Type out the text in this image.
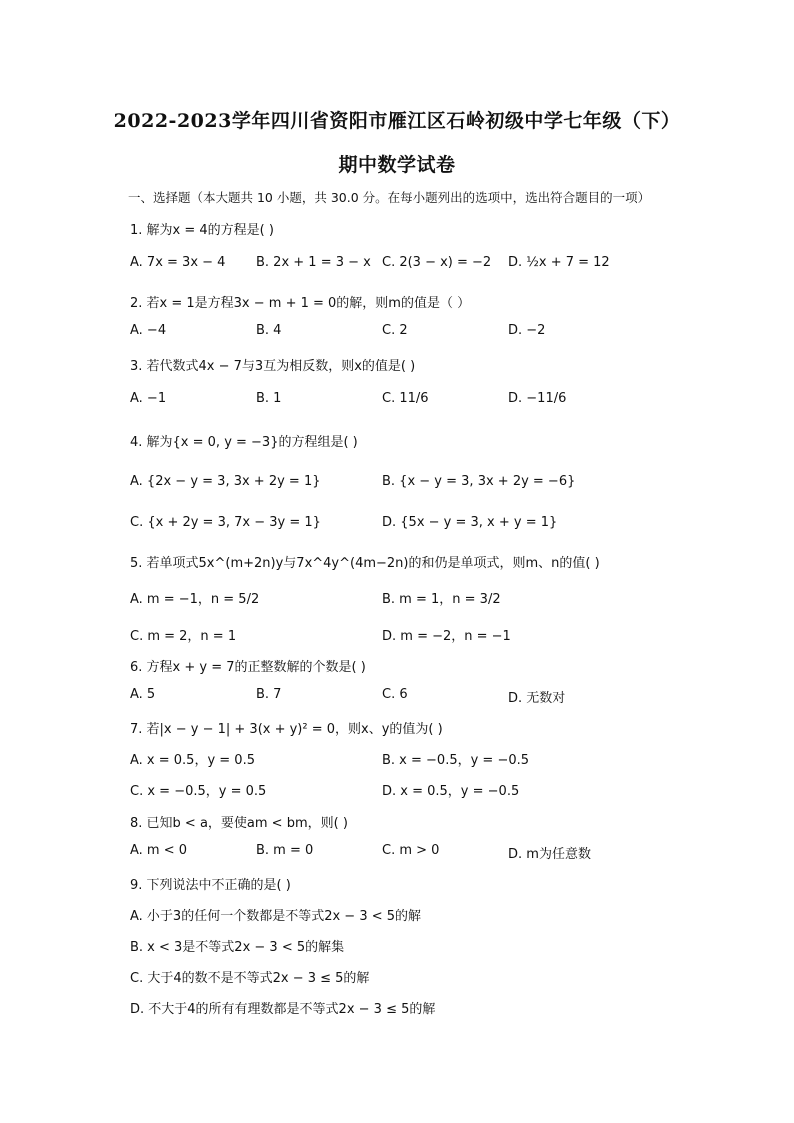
2022-2023学年四川省资阳市雁江区石岭初级中学七年级（下）
期中数学试卷
一、选择题（本大题共 10 小题，共 30.0 分。在每小题列出的选项中，选出符合题目的一项）
1. 解为x = 4的方程是( )
A. 7x = 3x − 4 B. 2x + 1 = 3 − x C. 2(3 − x) = −2 D. ½x + 7 = 12
2. 若x = 1是方程3x − m + 1 = 0的解，则m的值是（ ）
A. −4	B. 4	C. 2	D. −2
3. 若代数式4x − 7与3互为相反数，则x的值是( )
A. −1	B. 1	C. 11/6	D. −11/6
4. 解为{x = 0, y = −3}的方程组是( )
A. {2x − y = 3, 3x + 2y = 1}	B. {x − y = 3, 3x + 2y = −6}
C. {x + 2y = 3, 7x − 3y = 1}	D. {5x − y = 3, x + y = 1}
5. 若单项式5x^(m+2n)y与7x^4y^(4m−2n)的和仍是单项式，则m、n的值( )
A. m = −1，n = 5/2	B. m = 1，n = 3/2
C. m = 2，n = 1	D. m = −2，n = −1
6. 方程x + y = 7的正整数解的个数是( )
A. 5	B. 7	C. 6	D. 无数对
7. 若|x − y − 1| + 3(x + y)² = 0，则x、y的值为( )
A. x = 0.5，y = 0.5	B. x = −0.5，y = −0.5
C. x = −0.5，y = 0.5	D. x = 0.5，y = −0.5
8. 已知b < a，要使am < bm，则( )
A. m < 0	B. m = 0	C. m > 0	D. m为任意数
9. 下列说法中不正确的是( )
A. 小于3的任何一个数都是不等式2x − 3 < 5的解
B. x < 3是不等式2x − 3 < 5的解集
C. 大于4的数不是不等式2x − 3 ≤ 5的解
D. 不大于4的所有有理数都是不等式2x − 3 ≤ 5的解
